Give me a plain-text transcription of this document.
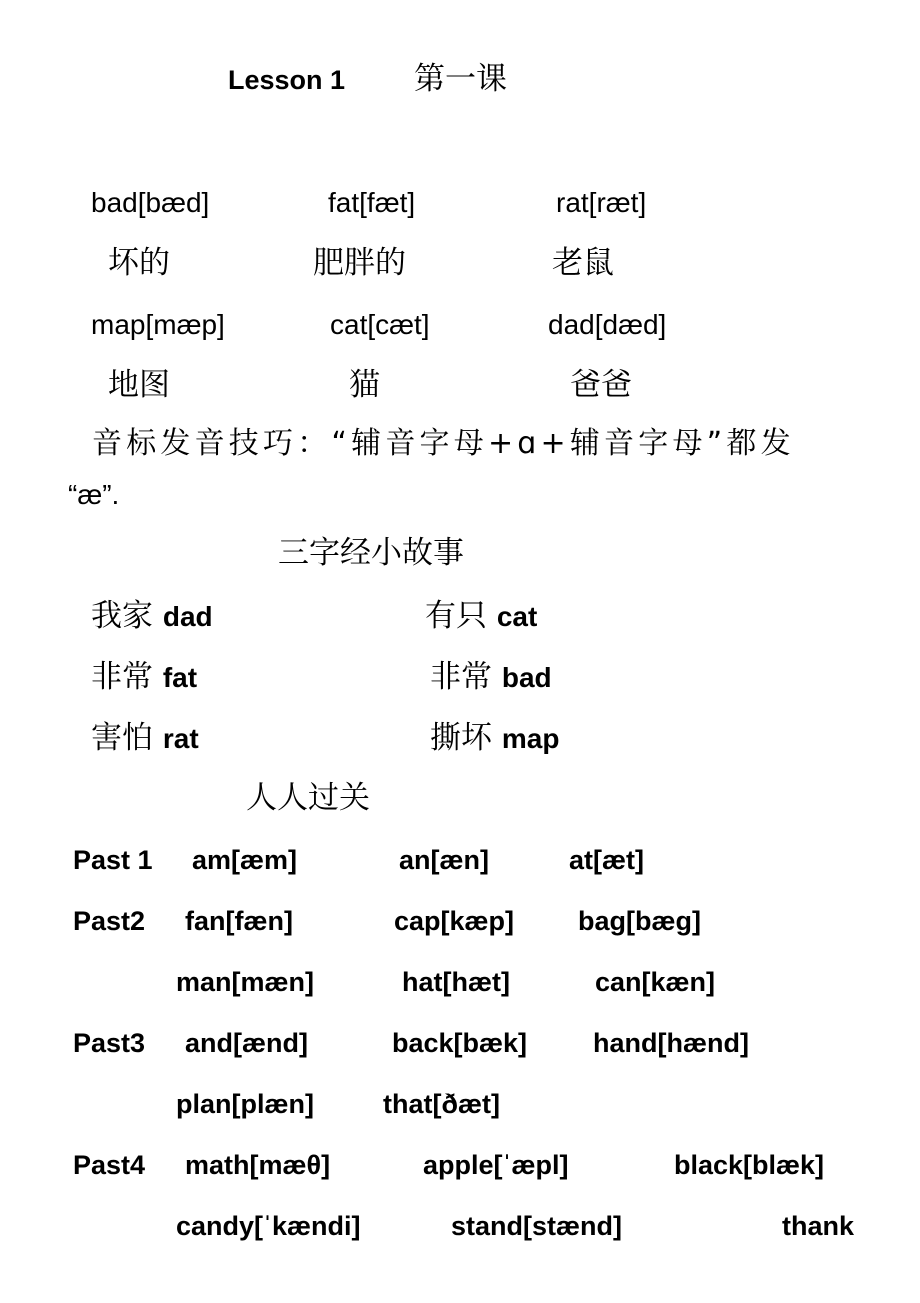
Lesson 1 第一课
bad[bæd]	fat[fæt]	rat[ræt]
坏的	肥胖的	老鼠
map[mæp]	cat[cæt]	dad[dæd]
地图	猫	爸爸
音标发音技巧：“辅音字母+ɑ+辅音字母”都发
“æ”.
三字经小故事
我家 dad	有只 cat
非常 fat	非常 bad
害怕 rat	撕坏 map
人人过关
Past 1 am[æm]	an[æn]	at[æt]
Past2 fan[fæn]	cap[kæp] bag[bæg]
man[mæn]	hat[hæt]	can[kæn]
Past3 and[ænd]	back[bæk] hand[hænd]
plan[plæn]	that[ðæt]
Past4 math[mæθ]	apple[ˈæpl]	black[blæk]
candy[ˈkændi]	stand[stænd]	thank
